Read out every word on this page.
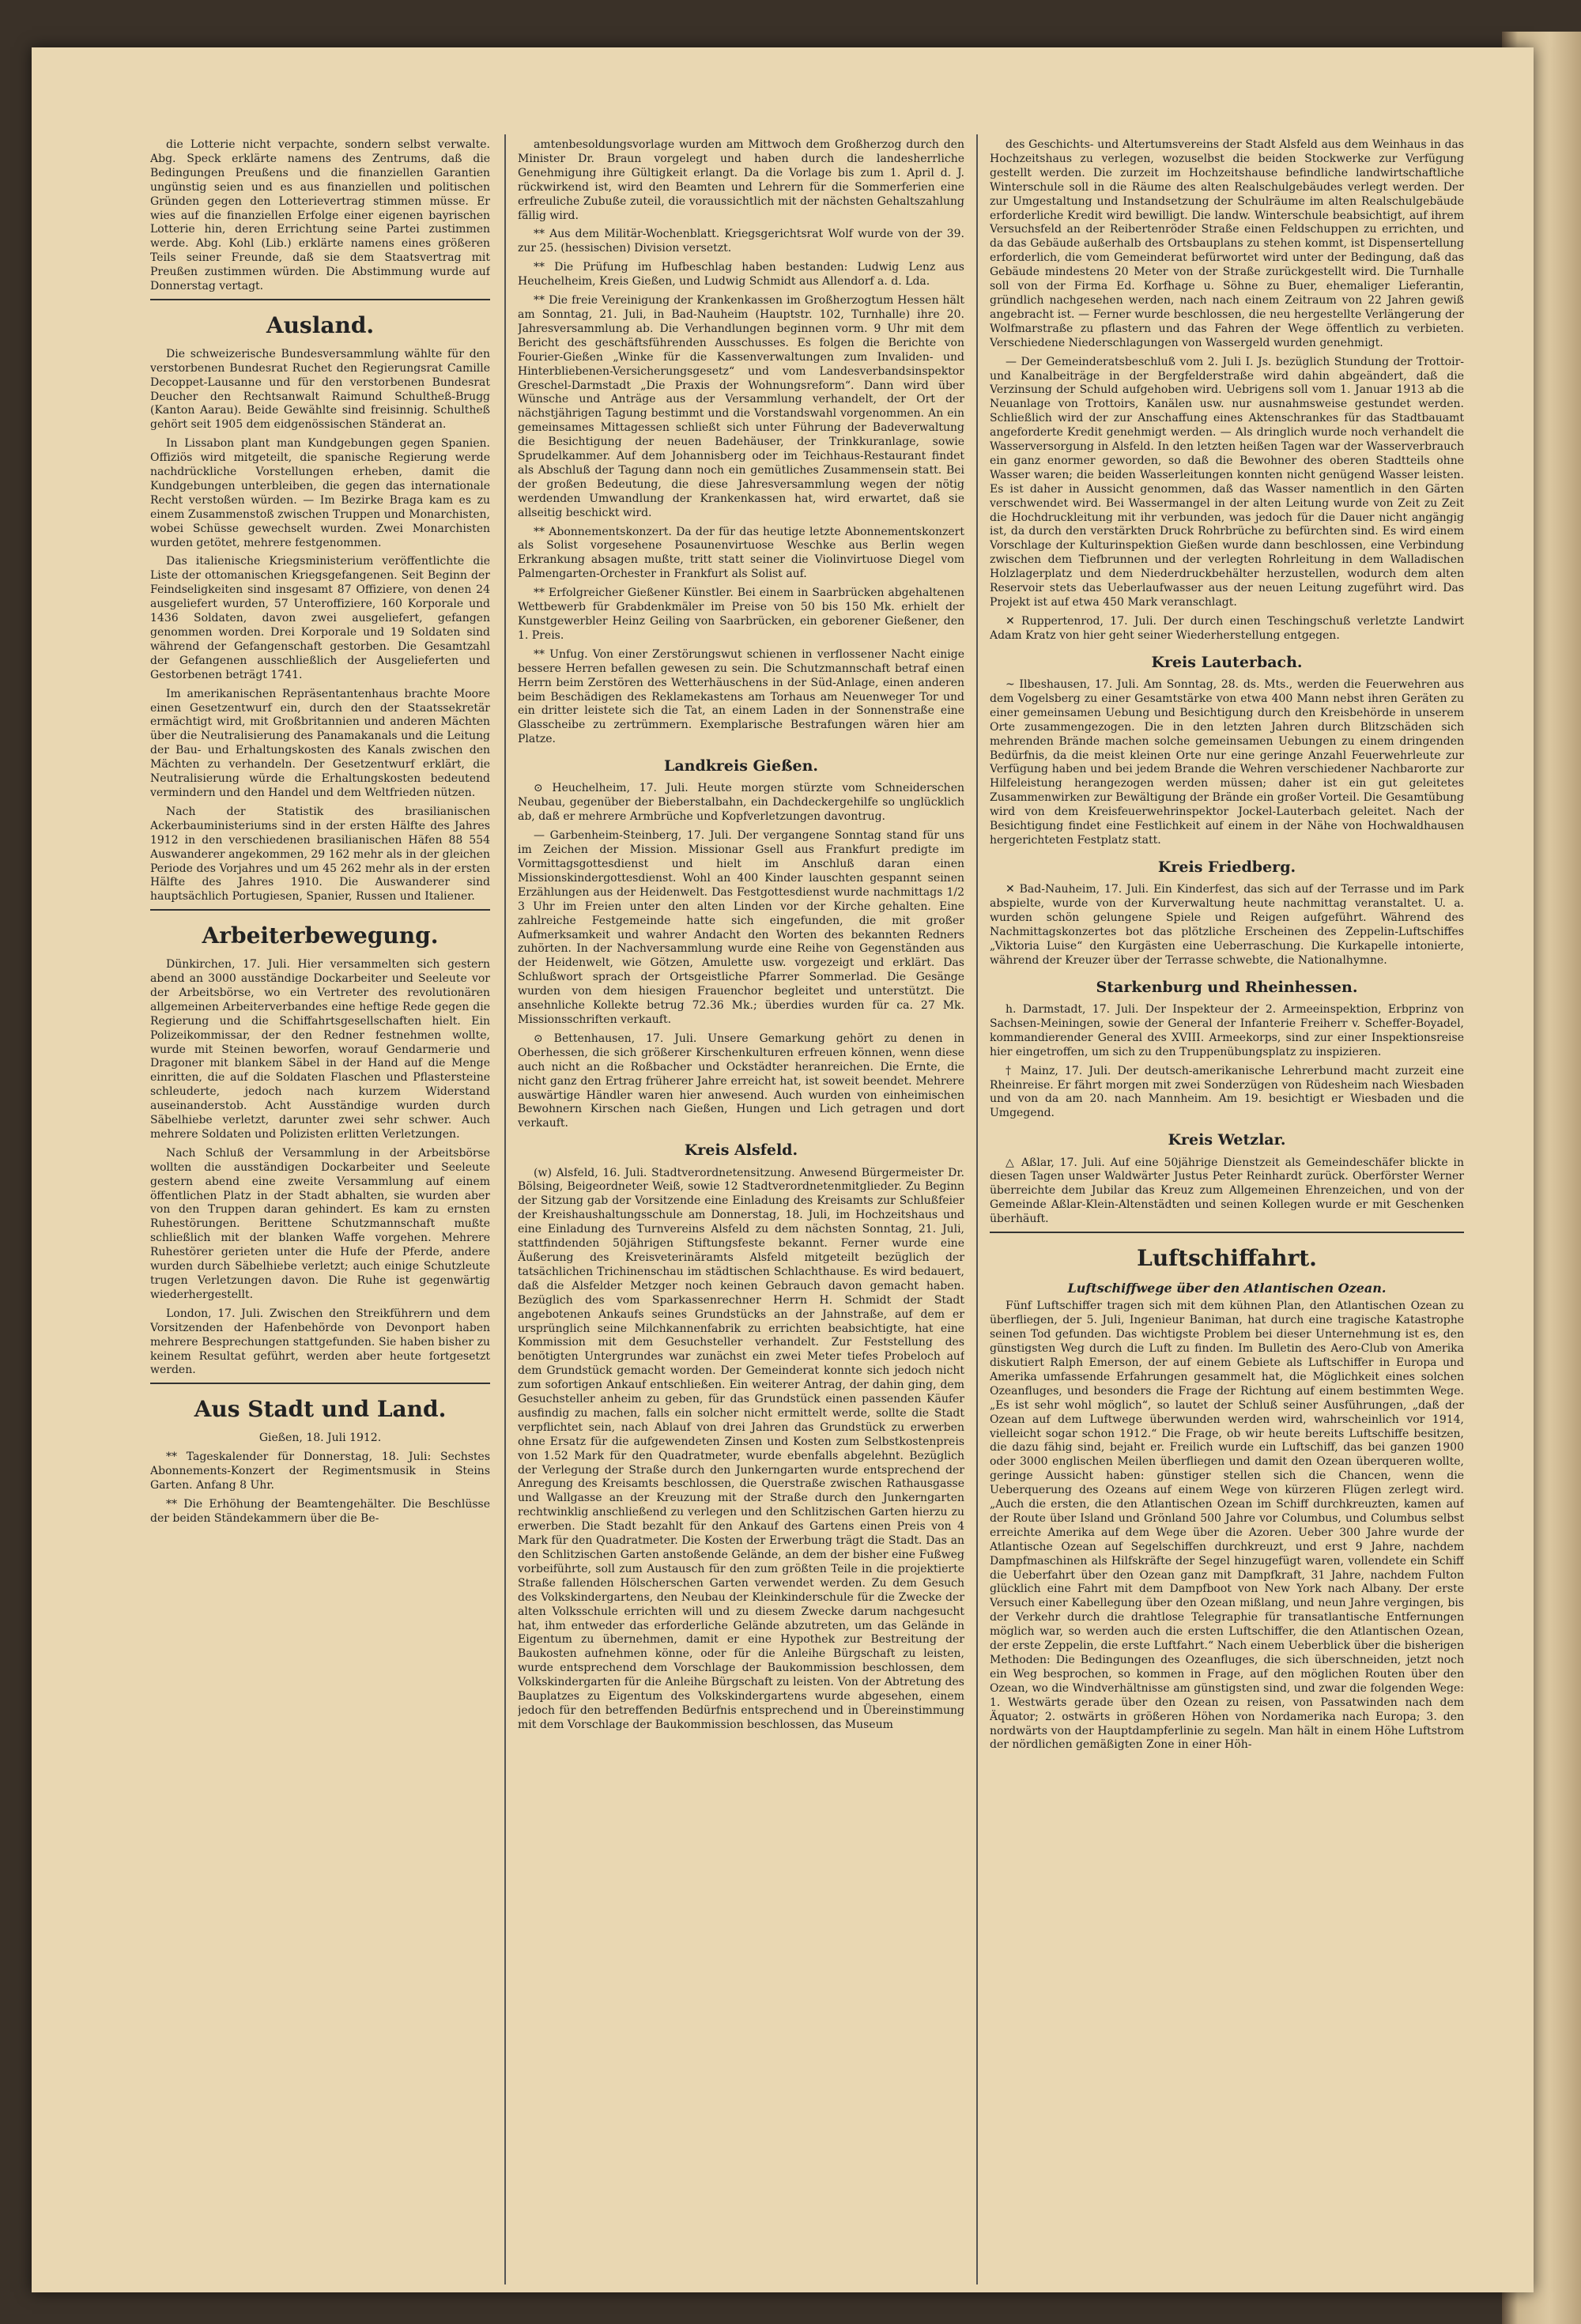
die Lotterie nicht verpachte, sondern selbst verwalte. Abg. Speck erklärte namens des Zentrums, daß die Bedingungen Preußens und die finanziellen Garantien ungünstig seien und es aus finanziellen und politischen Gründen gegen den Lotterievertrag stimmen müsse. Er wies auf die finanziellen Erfolge einer eigenen bayrischen Lotterie hin, deren Errichtung seine Partei zustimmen werde. Abg. Kohl (Lib.) erklärte namens eines größeren Teils seiner Freunde, daß sie dem Staatsvertrag mit Preußen zustimmen würden. Die Abstimmung wurde auf Donnerstag vertagt.

Ausland.

Die schweizerische Bundesversammlung wählte für den verstorbenen Bundesrat Ruchet den Regierungsrat Camille Decoppet-Lausanne und für den verstorbenen Bundesrat Deucher den Rechtsanwalt Raimund Schultheß-Brugg (Kanton Aarau). Beide Gewählte sind freisinnig. Schultheß gehört seit 1905 dem eidgenössischen Ständerat an.

In Lissabon plant man Kundgebungen gegen Spanien. Offiziös wird mitgeteilt, die spanische Regierung werde nachdrückliche Vorstellungen erheben, damit die Kundgebungen unterbleiben, die gegen das internationale Recht verstoßen würden. — Im Bezirke Braga kam es zu einem Zusammenstoß zwischen Truppen und Monarchisten, wobei Schüsse gewechselt wurden. Zwei Monarchisten wurden getötet, mehrere festgenommen.

Das italienische Kriegsministerium veröffentlichte die Liste der ottomanischen Kriegsgefangenen. Seit Beginn der Feindseligkeiten sind insgesamt 87 Offiziere, von denen 24 ausgeliefert wurden, 57 Unteroffiziere, 160 Korporale und 1436 Soldaten, davon zwei ausgeliefert, gefangen genommen worden. Drei Korporale und 19 Soldaten sind während der Gefangenschaft gestorben. Die Gesamtzahl der Gefangenen ausschließlich der Ausgelieferten und Gestorbenen beträgt 1741.

Im amerikanischen Repräsentantenhaus brachte Moore einen Gesetzentwurf ein, durch den der Staatssekretär ermächtigt wird, mit Großbritannien und anderen Mächten über die Neutralisierung des Panamakanals und die Leitung der Bau- und Erhaltungskosten des Kanals zwischen den Mächten zu verhandeln. Der Gesetzentwurf erklärt, die Neutralisierung würde die Erhaltungskosten bedeutend vermindern und den Handel und dem Weltfrieden nützen.

Nach der Statistik des brasilianischen Ackerbauministeriums sind in der ersten Hälfte des Jahres 1912 in den verschiedenen brasilianischen Häfen 88 554 Auswanderer angekommen, 29 162 mehr als in der gleichen Periode des Vorjahres und um 45 262 mehr als in der ersten Hälfte des Jahres 1910. Die Auswanderer sind hauptsächlich Portugiesen, Spanier, Russen und Italiener.

Arbeiterbewegung.

Dünkirchen, 17. Juli. Hier versammelten sich gestern abend an 3000 ausständige Dockarbeiter und Seeleute vor der Arbeitsbörse, wo ein Vertreter des revolutionären allgemeinen Arbeiterverbandes eine heftige Rede gegen die Regierung und die Schiffahrtsgesellschaften hielt. Ein Polizeikommissar, der den Redner festnehmen wollte, wurde mit Steinen beworfen, worauf Gendarmerie und Dragoner mit blankem Säbel in der Hand auf die Menge einritten, die auf die Soldaten Flaschen und Pflastersteine schleuderte, jedoch nach kurzem Widerstand auseinanderstob. Acht Ausständige wurden durch Säbelhiebe verletzt, darunter zwei sehr schwer. Auch mehrere Soldaten und Polizisten erlitten Verletzungen.

Nach Schluß der Versammlung in der Arbeitsbörse wollten die ausständigen Dockarbeiter und Seeleute gestern abend eine zweite Versammlung auf einem öffentlichen Platz in der Stadt abhalten, sie wurden aber von den Truppen daran gehindert. Es kam zu ernsten Ruhestörungen. Berittene Schutzmannschaft mußte schließlich mit der blanken Waffe vorgehen. Mehrere Ruhestörer gerieten unter die Hufe der Pferde, andere wurden durch Säbelhiebe verletzt; auch einige Schutzleute trugen Verletzungen davon. Die Ruhe ist gegenwärtig wiederhergestellt.

London, 17. Juli. Zwischen den Streikführern und dem Vorsitzenden der Hafenbehörde von Devonport haben mehrere Besprechungen stattgefunden. Sie haben bisher zu keinem Resultat geführt, werden aber heute fortgesetzt werden.

Aus Stadt und Land.

Gießen, 18. Juli 1912.

** Tageskalender für Donnerstag, 18. Juli: Sechstes Abonnements-Konzert der Regimentsmusik in Steins Garten. Anfang 8 Uhr.

** Die Erhöhung der Beamtengehälter. Die Beschlüsse der beiden Ständekammern über die Be-

amtenbesoldungsvorlage wurden am Mittwoch dem Großherzog durch den Minister Dr. Braun vorgelegt und haben durch die landesherrliche Genehmigung ihre Gültigkeit erlangt. Da die Vorlage bis zum 1. April d. J. rückwirkend ist, wird den Beamten und Lehrern für die Sommerferien eine erfreuliche Zubuße zuteil, die voraussichtlich mit der nächsten Gehaltszahlung fällig wird.

** Aus dem Militär-Wochenblatt. Kriegsgerichtsrat Wolf wurde von der 39. zur 25. (hessischen) Division versetzt.

** Die Prüfung im Hufbeschlag haben bestanden: Ludwig Lenz aus Heuchelheim, Kreis Gießen, und Ludwig Schmidt aus Allendorf a. d. Lda.

** Die freie Vereinigung der Krankenkassen im Großherzogtum Hessen hält am Sonntag, 21. Juli, in Bad-Nauheim (Hauptstr. 102, Turnhalle) ihre 20. Jahresversammlung ab. Die Verhandlungen beginnen vorm. 9 Uhr mit dem Bericht des geschäftsführenden Ausschusses. Es folgen die Berichte von Fourier-Gießen „Winke für die Kassenverwaltungen zum Invaliden- und Hinterbliebenen-Versicherungsgesetz“ und vom Landesverbandsinspektor Greschel-Darmstadt „Die Praxis der Wohnungsreform“. Dann wird über Wünsche und Anträge aus der Versammlung verhandelt, der Ort der nächstjährigen Tagung bestimmt und die Vorstandswahl vorgenommen. An ein gemeinsames Mittagessen schließt sich unter Führung der Badeverwaltung die Besichtigung der neuen Badehäuser, der Trinkkuranlage, sowie Sprudelkammer. Auf dem Johannisberg oder im Teichhaus-Restaurant findet als Abschluß der Tagung dann noch ein gemütliches Zusammensein statt. Bei der großen Bedeutung, die diese Jahresversammlung wegen der nötig werdenden Umwandlung der Krankenkassen hat, wird erwartet, daß sie allseitig beschickt wird.

** Abonnementskonzert. Da der für das heutige letzte Abonnementskonzert als Solist vorgesehene Posaunenvirtuose Weschke aus Berlin wegen Erkrankung absagen mußte, tritt statt seiner die Violinvirtuose Diegel vom Palmengarten-Orchester in Frankfurt als Solist auf.

** Erfolgreicher Gießener Künstler. Bei einem in Saarbrücken abgehaltenen Wettbewerb für Grabdenkmäler im Preise von 50 bis 150 Mk. erhielt der Kunstgewerbler Heinz Geiling von Saarbrücken, ein geborener Gießener, den 1. Preis.

** Unfug. Von einer Zerstörungswut schienen in verflossener Nacht einige bessere Herren befallen gewesen zu sein. Die Schutzmannschaft betraf einen Herrn beim Zerstören des Wetterhäuschens in der Süd-Anlage, einen anderen beim Beschädigen des Reklamekastens am Torhaus am Neuenweger Tor und ein dritter leistete sich die Tat, an einem Laden in der Sonnenstraße eine Glasscheibe zu zertrümmern. Exemplarische Bestrafungen wären hier am Platze.

Landkreis Gießen.

⊙ Heuchelheim, 17. Juli. Heute morgen stürzte vom Schneiderschen Neubau, gegenüber der Bieberstalbahn, ein Dachdeckergehilfe so unglücklich ab, daß er mehrere Armbrüche und Kopfverletzungen davontrug.

— Garbenheim-Steinberg, 17. Juli. Der vergangene Sonntag stand für uns im Zeichen der Mission. Missionar Gsell aus Frankfurt predigte im Vormittagsgottesdienst und hielt im Anschluß daran einen Missionskindergottesdienst. Wohl an 400 Kinder lauschten gespannt seinen Erzählungen aus der Heidenwelt. Das Festgottesdienst wurde nachmittags 1/2 3 Uhr im Freien unter den alten Linden vor der Kirche gehalten. Eine zahlreiche Festgemeinde hatte sich eingefunden, die mit großer Aufmerksamkeit und wahrer Andacht den Worten des bekannten Redners zuhörten. In der Nachversammlung wurde eine Reihe von Gegenständen aus der Heidenwelt, wie Götzen, Amulette usw. vorgezeigt und erklärt. Das Schlußwort sprach der Ortsgeistliche Pfarrer Sommerlad. Die Gesänge wurden von dem hiesigen Frauenchor begleitet und unterstützt. Die ansehnliche Kollekte betrug 72.36 Mk.; überdies wurden für ca. 27 Mk. Missionsschriften verkauft.

⊙ Bettenhausen, 17. Juli. Unsere Gemarkung gehört zu denen in Oberhessen, die sich größerer Kirschenkulturen erfreuen können, wenn diese auch nicht an die Roßbacher und Ockstädter heranreichen. Die Ernte, die nicht ganz den Ertrag früherer Jahre erreicht hat, ist soweit beendet. Mehrere auswärtige Händler waren hier anwesend. Auch wurden von einheimischen Bewohnern Kirschen nach Gießen, Hungen und Lich getragen und dort verkauft.

Kreis Alsfeld.

(w) Alsfeld, 16. Juli. Stadtverordnetensitzung. Anwesend Bürgermeister Dr. Bölsing, Beigeordneter Weiß, sowie 12 Stadtverordnetenmitglieder. Zu Beginn der Sitzung gab der Vorsitzende eine Einladung des Kreisamts zur Schlußfeier der Kreishaushaltungsschule am Donnerstag, 18. Juli, im Hochzeitshaus und eine Einladung des Turnvereins Alsfeld zu dem nächsten Sonntag, 21. Juli, stattfindenden 50jährigen Stiftungsfeste bekannt. Ferner wurde eine Äußerung des Kreisveterinäramts Alsfeld mitgeteilt bezüglich der tatsächlichen Trichinenschau im städtischen Schlachthause. Es wird bedauert, daß die Alsfelder Metzger noch keinen Gebrauch davon gemacht haben. Bezüglich des vom Sparkassenrechner Herrn H. Schmidt der Stadt angebotenen Ankaufs seines Grundstücks an der Jahnstraße, auf dem er ursprünglich seine Milchkannenfabrik zu errichten beabsichtigte, hat eine Kommission mit dem Gesuchsteller verhandelt. Zur Feststellung des benötigten Untergrundes war zunächst ein zwei Meter tiefes Probeloch auf dem Grundstück gemacht worden. Der Gemeinderat konnte sich jedoch nicht zum sofortigen Ankauf entschließen. Ein weiterer Antrag, der dahin ging, dem Gesuchsteller anheim zu geben, für das Grundstück einen passenden Käufer ausfindig zu machen, falls ein solcher nicht ermittelt werde, sollte die Stadt verpflichtet sein, nach Ablauf von drei Jahren das Grundstück zu erwerben ohne Ersatz für die aufgewendeten Zinsen und Kosten zum Selbstkostenpreis von 1.52 Mark für den Quadratmeter, wurde ebenfalls abgelehnt. Bezüglich der Verlegung der Straße durch den Junkerngarten wurde entsprechend der Anregung des Kreisamts beschlossen, die Querstraße zwischen Rathausgasse und Wallgasse an der Kreuzung mit der Straße durch den Junkerngarten rechtwinklig anschließend zu verlegen und den Schlitzischen Garten hierzu zu erwerben. Die Stadt bezahlt für den Ankauf des Gartens einen Preis von 4 Mark für den Quadratmeter. Die Kosten der Erwerbung trägt die Stadt. Das an den Schlitzischen Garten anstoßende Gelände, an dem der bisher eine Fußweg vorbeiführte, soll zum Austausch für den zum größten Teile in die projektierte Straße fallenden Hölscherschen Garten verwendet werden. Zu dem Gesuch des Volkskindergartens, den Neubau der Kleinkinderschule für die Zwecke der alten Volksschule errichten will und zu diesem Zwecke darum nachgesucht hat, ihm entweder das erforderliche Gelände abzutreten, um das Gelände in Eigentum zu übernehmen, damit er eine Hypothek zur Bestreitung der Baukosten aufnehmen könne, oder für die Anleihe Bürgschaft zu leisten, wurde entsprechend dem Vorschlage der Baukommission beschlossen, dem Volkskindergarten für die Anleihe Bürgschaft zu leisten. Von der Abtretung des Bauplatzes zu Eigentum des Volkskindergartens wurde abgesehen, einem jedoch für den betreffenden Bedürfnis entsprechend und in Übereinstimmung mit dem Vorschlage der Baukommission beschlossen, das Museum

des Geschichts- und Altertumsvereins der Stadt Alsfeld aus dem Weinhaus in das Hochzeitshaus zu verlegen, wozuselbst die beiden Stockwerke zur Verfügung gestellt werden. Die zurzeit im Hochzeitshause befindliche landwirtschaftliche Winterschule soll in die Räume des alten Realschulgebäudes verlegt werden. Der zur Umgestaltung und Instandsetzung der Schulräume im alten Realschulgebäude erforderliche Kredit wird bewilligt. Die landw. Winterschule beabsichtigt, auf ihrem Versuchsfeld an der Reibertenröder Straße einen Feldschuppen zu errichten, und da das Gebäude außerhalb des Ortsbauplans zu stehen kommt, ist Dispensertellung erforderlich, die vom Gemeinderat befürwortet wird unter der Bedingung, daß das Gebäude mindestens 20 Meter von der Straße zurückgestellt wird. Die Turnhalle soll von der Firma Ed. Korfhage u. Söhne zu Buer, ehemaliger Lieferantin, gründlich nachgesehen werden, nach nach einem Zeitraum von 22 Jahren gewiß angebracht ist. — Ferner wurde beschlossen, die neu hergestellte Verlängerung der Wolfmarstraße zu pflastern und das Fahren der Wege öffentlich zu verbieten. Verschiedene Niederschlagungen von Wassergeld wurden genehmigt.

— Der Gemeinderatsbeschluß vom 2. Juli I. Js. bezüglich Stundung der Trottoir- und Kanalbeiträge in der Bergfelderstraße wird dahin abgeändert, daß die Verzinsung der Schuld aufgehoben wird. Uebrigens soll vom 1. Januar 1913 ab die Neuanlage von Trottoirs, Kanälen usw. nur ausnahmsweise gestundet werden. Schließlich wird der zur Anschaffung eines Aktenschrankes für das Stadtbauamt angeforderte Kredit genehmigt werden. — Als dringlich wurde noch verhandelt die Wasserversorgung in Alsfeld. In den letzten heißen Tagen war der Wasserverbrauch ein ganz enormer geworden, so daß die Bewohner des oberen Stadtteils ohne Wasser waren; die beiden Wasserleitungen konnten nicht genügend Wasser leisten. Es ist daher in Aussicht genommen, daß das Wasser namentlich in den Gärten verschwendet wird. Bei Wassermangel in der alten Leitung wurde von Zeit zu Zeit die Hochdruckleitung mit ihr verbunden, was jedoch für die Dauer nicht angängig ist, da durch den verstärkten Druck Rohrbrüche zu befürchten sind. Es wird einem Vorschlage der Kulturinspektion Gießen wurde dann beschlossen, eine Verbindung zwischen dem Tiefbrunnen und der verlegten Rohrleitung in dem Walladischen Holzlagerplatz und dem Niederdruckbehälter herzustellen, wodurch dem alten Reservoir stets das Ueberlaufwasser aus der neuen Leitung zugeführt wird. Das Projekt ist auf etwa 450 Mark veranschlagt.

✕ Ruppertenrod, 17. Juli. Der durch einen Teschingschuß verletzte Landwirt Adam Kratz von hier geht seiner Wiederherstellung entgegen.

Kreis Lauterbach.

~ Ilbeshausen, 17. Juli. Am Sonntag, 28. ds. Mts., werden die Feuerwehren aus dem Vogelsberg zu einer Gesamtstärke von etwa 400 Mann nebst ihren Geräten zu einer gemeinsamen Uebung und Besichtigung durch den Kreisbehörde in unserem Orte zusammengezogen. Die in den letzten Jahren durch Blitzschäden sich mehrenden Brände machen solche gemeinsamen Uebungen zu einem dringenden Bedürfnis, da die meist kleinen Orte nur eine geringe Anzahl Feuerwehrleute zur Verfügung haben und bei jedem Brande die Wehren verschiedener Nachbarorte zur Hilfeleistung herangezogen werden müssen; daher ist ein gut geleitetes Zusammenwirken zur Bewältigung der Brände ein großer Vorteil. Die Gesamtübung wird von dem Kreisfeuerwehrinspektor Jockel-Lauterbach geleitet. Nach der Besichtigung findet eine Festlichkeit auf einem in der Nähe von Hochwaldhausen hergerichteten Festplatz statt.

Kreis Friedberg.

✕ Bad-Nauheim, 17. Juli. Ein Kinderfest, das sich auf der Terrasse und im Park abspielte, wurde von der Kurverwaltung heute nachmittag veranstaltet. U. a. wurden schön gelungene Spiele und Reigen aufgeführt. Während des Nachmittagskonzertes bot das plötzliche Erscheinen des Zeppelin-Luftschiffes „Viktoria Luise“ den Kurgästen eine Ueberraschung. Die Kurkapelle intonierte, während der Kreuzer über der Terrasse schwebte, die Nationalhymne.

Starkenburg und Rheinhessen.

h. Darmstadt, 17. Juli. Der Inspekteur der 2. Armeeinspektion, Erbprinz von Sachsen-Meiningen, sowie der General der Infanterie Freiherr v. Scheffer-Boyadel, kommandierender General des XVIII. Armeekorps, sind zur einer Inspektionsreise hier eingetroffen, um sich zu den Truppenübungsplatz zu inspizieren.

† Mainz, 17. Juli. Der deutsch-amerikanische Lehrerbund macht zurzeit eine Rheinreise. Er fährt morgen mit zwei Sonderzügen von Rüdesheim nach Wiesbaden und von da am 20. nach Mannheim. Am 19. besichtigt er Wiesbaden und die Umgegend.

Kreis Wetzlar.

△ Aßlar, 17. Juli. Auf eine 50jährige Dienstzeit als Gemeindeschäfer blickte in diesen Tagen unser Waldwärter Justus Peter Reinhardt zurück. Oberförster Werner überreichte dem Jubilar das Kreuz zum Allgemeinen Ehrenzeichen, und von der Gemeinde Aßlar-Klein-Altenstädten und seinen Kollegen wurde er mit Geschenken überhäuft.

Luftschiffahrt.
Luftschiffwege über den Atlantischen Ozean.

Fünf Luftschiffer tragen sich mit dem kühnen Plan, den Atlantischen Ozean zu überfliegen, der 5. Juli, Ingenieur Baniman, hat durch eine tragische Katastrophe seinen Tod gefunden. Das wichtigste Problem bei dieser Unternehmung ist es, den günstigsten Weg durch die Luft zu finden. Im Bulletin des Aero-Club von Amerika diskutiert Ralph Emerson, der auf einem Gebiete als Luftschiffer in Europa und Amerika umfassende Erfahrungen gesammelt hat, die Möglichkeit eines solchen Ozeanfluges, und besonders die Frage der Richtung auf einem bestimmten Wege. „Es ist sehr wohl möglich“, so lautet der Schluß seiner Ausführungen, „daß der Ozean auf dem Luftwege überwunden werden wird, wahrscheinlich vor 1914, vielleicht sogar schon 1912.“ Die Frage, ob wir heute bereits Luftschiffe besitzen, die dazu fähig sind, bejaht er. Freilich wurde ein Luftschiff, das bei ganzen 1900 oder 3000 englischen Meilen überfliegen und damit den Ozean überqueren wollte, geringe Aussicht haben: günstiger stellen sich die Chancen, wenn die Ueberquerung des Ozeans auf einem Wege von kürzeren Flügen zerlegt wird. „Auch die ersten, die den Atlantischen Ozean im Schiff durchkreuzten, kamen auf der Route über Island und Grönland 500 Jahre vor Columbus, und Columbus selbst erreichte Amerika auf dem Wege über die Azoren. Ueber 300 Jahre wurde der Atlantische Ozean auf Segelschiffen durchkreuzt, und erst 9 Jahre, nachdem Dampfmaschinen als Hilfskräfte der Segel hinzugefügt waren, vollendete ein Schiff die Ueberfahrt über den Ozean ganz mit Dampfkraft, 31 Jahre, nachdem Fulton glücklich eine Fahrt mit dem Dampfboot von New York nach Albany. Der erste Versuch einer Kabellegung über den Ozean mißlang, und neun Jahre vergingen, bis der Verkehr durch die drahtlose Telegraphie für transatlantische Entfernungen möglich war, so werden auch die ersten Luftschiffer, die den Atlantischen Ozean, der erste Zeppelin, die erste Luftfahrt.“ Nach einem Ueberblick über die bisherigen Methoden: Die Bedingungen des Ozeanfluges, die sich überschneiden, jetzt noch ein Weg besprochen, so kommen in Frage, auf den möglichen Routen über den Ozean, wo die Windverhältnisse am günstigsten sind, und zwar die folgenden Wege: 1. Westwärts gerade über den Ozean zu reisen, von Passatwinden nach dem Äquator; 2. ostwärts in größeren Höhen von Nordamerika nach Europa; 3. den nordwärts von der Hauptdampferlinie zu segeln. Man hält in einem Höhe Luftstrom der nördlichen gemäßigten Zone in einer Höh-
